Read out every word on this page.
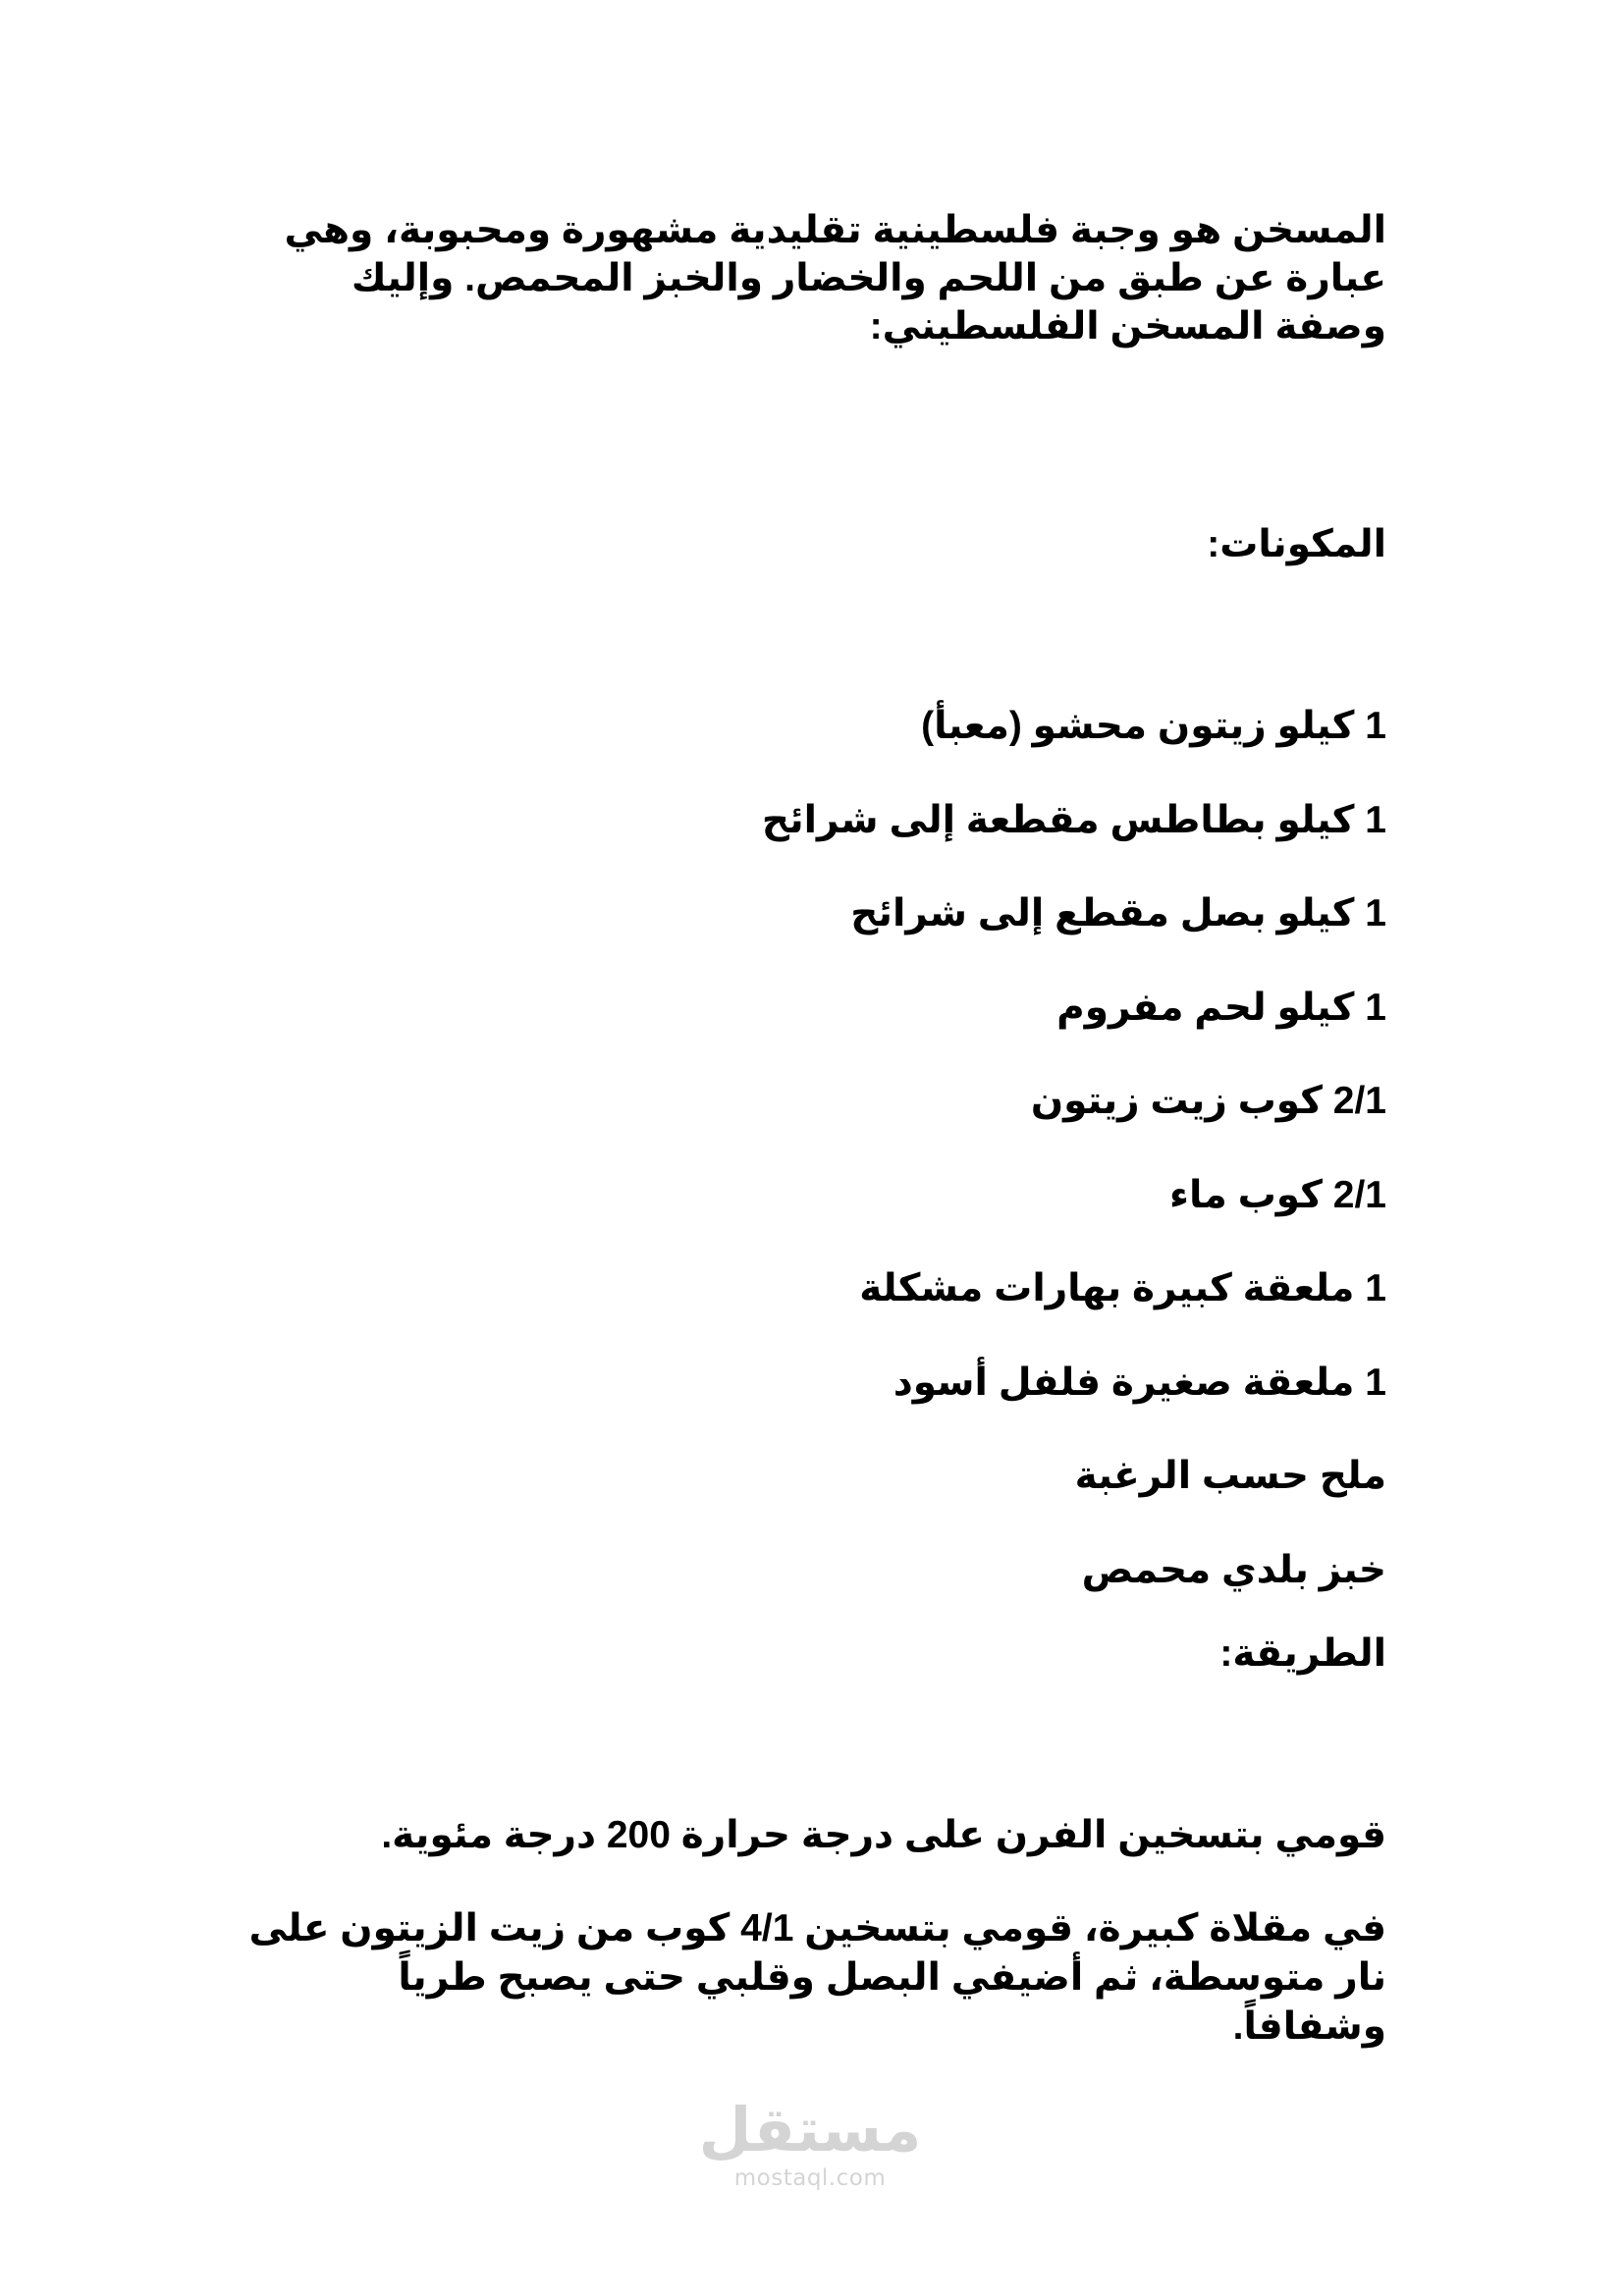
المسخن هو وجبة فلسطينية تقليدية مشهورة ومحبوبة، وهي عبارة عن طبق من اللحم والخضار والخبز المحمص. وإليك وصفة المسخن الفلسطيني:

المكونات:

1 كيلو زيتون محشو (معبأ)
1 كيلو بطاطس مقطعة إلى شرائح
1 كيلو بصل مقطع إلى شرائح
1 كيلو لحم مفروم
2/1 كوب زيت زيتون
2/1 كوب ماء
1 ملعقة كبيرة بهارات مشكلة
1 ملعقة صغيرة فلفل أسود
ملح حسب الرغبة
خبز بلدي محمص

الطريقة:

قومي بتسخين الفرن على درجة حرارة 200 درجة مئوية.

في مقلاة كبيرة، قومي بتسخين 4/1 كوب من زيت الزيتون على نار متوسطة، ثم أضيفي البصل وقلبي حتى يصبح طرياً وشفافاً.

مستقل
mostaql.com
